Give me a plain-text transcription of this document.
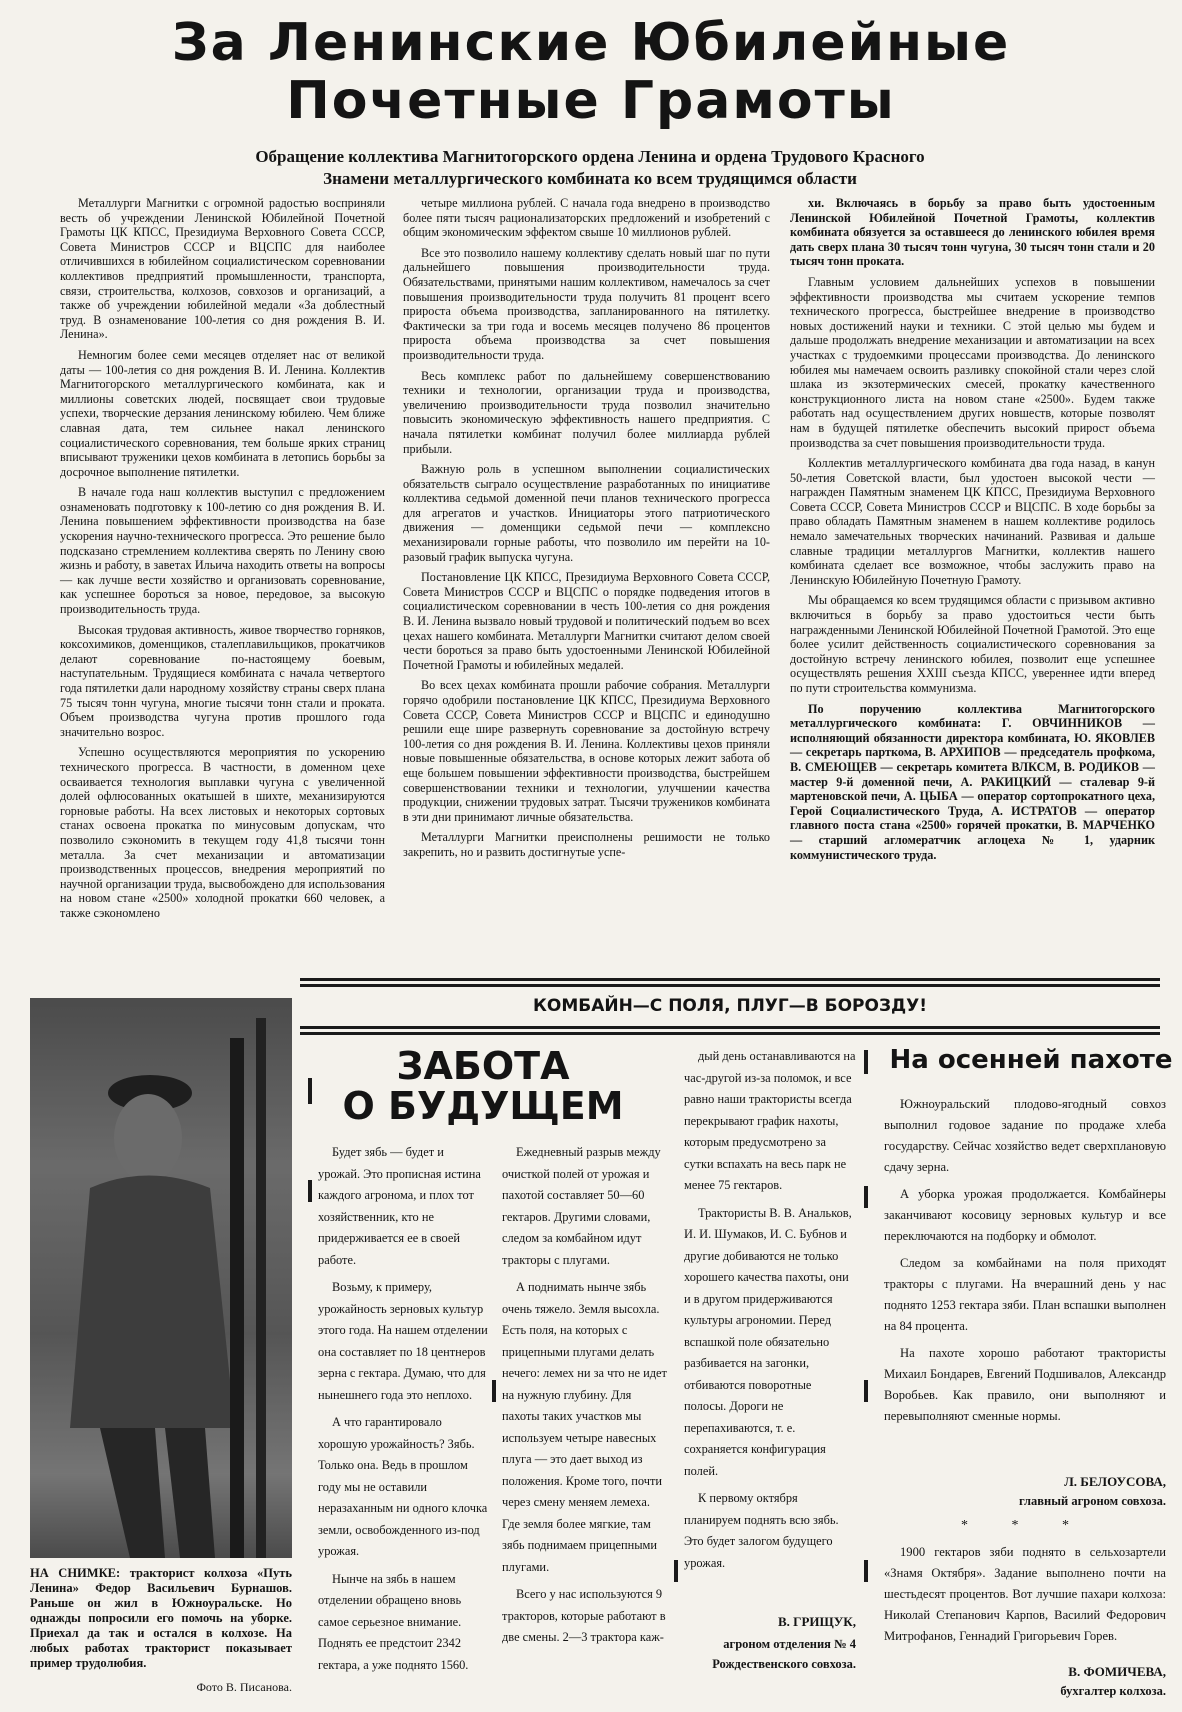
За Ленинские Юбилейные
Почетные Грамоты
Обращение коллектива Магнитогорского ордена Ленина и ордена Трудового Красного
Знамени металлургического комбината ко всем трудящимся области

Металлурги Магнитки с огромной радостью восприняли весть об учреждении Ленинской Юбилейной Почетной Грамоты ЦК КПСС, Президиума Верховного Совета СССР, Совета Министров СССР и ВЦСПС для наиболее отличившихся в юбилейном социалистическом соревновании коллективов предприятий промышленности, транспорта, связи, строительства, колхозов, совхозов и организаций, а также об учреждении юбилейной медали «За доблестный труд. В ознаменование 100-летия со дня рождения В. И. Ленина».

Немногим более семи месяцев отделяет нас от великой даты — 100-летия со дня рождения В. И. Ленина. Коллектив Магнитогорского металлургического комбината, как и миллионы советских людей, посвящает свои трудовые успехи, творческие дерзания ленинскому юбилею. Чем ближе славная дата, тем сильнее накал ленинского социалистического соревнования, тем больше ярких страниц вписывают труженики цехов комбината в летопись борьбы за досрочное выполнение пятилетки.

В начале года наш коллектив выступил с предложением ознаменовать подготовку к 100-летию со дня рождения В. И. Ленина повышением эффективности производства на базе ускорения научно-технического прогресса. Это решение было подсказано стремлением коллектива сверять по Ленину свою жизнь и работу, в заветах Ильича находить ответы на вопросы — как лучше вести хозяйство и организовать соревнование, как успешнее бороться за новое, передовое, за высокую производительность труда.

Высокая трудовая активность, живое творчество горняков, коксохимиков, доменщиков, сталеплавильщиков, прокатчиков делают соревнование по-настоящему боевым, наступательным. Трудящиеся комбината с начала четвертого года пятилетки дали народному хозяйству страны сверх плана 75 тысяч тонн чугуна, многие тысячи тонн стали и проката. Объем производства чугуна против прошлого года значительно возрос.

Успешно осуществляются мероприятия по ускорению технического прогресса. В частности, в доменном цехе осваивается технология выплавки чугуна с увеличенной долей офлюсованных окатышей в шихте, механизируются горновые работы. На всех листовых и некоторых сортовых станах освоена прокатка по минусовым допускам, что позволило сэкономить в текущем году 41,8 тысячи тонн металла. За счет механизации и автоматизации производственных процессов, внедрения мероприятий по научной организации труда, высвобождено для использования на новом стане «2500» холодной прокатки 660 человек, а также сэкономлено

четыре миллиона рублей. С начала года внедрено в производство более пяти тысяч рационализаторских предложений и изобретений с общим экономическим эффектом свыше 10 миллионов рублей.

Все это позволило нашему коллективу сделать новый шаг по пути дальнейшего повышения производительности труда. Обязательствами, принятыми нашим коллективом, намечалось за счет повышения производительности труда получить 81 процент всего прироста объема производства, запланированного на пятилетку. Фактически за три года и восемь месяцев получено 86 процентов прироста объема производства за счет повышения производительности труда.

Весь комплекс работ по дальнейшему совершенствованию техники и технологии, организации труда и производства, увеличению производительности труда позволил значительно повысить экономическую эффективность нашего предприятия. С начала пятилетки комбинат получил более миллиарда рублей прибыли.

Важную роль в успешном выполнении социалистических обязательств сыграло осуществление разработанных по инициативе коллектива седьмой доменной печи планов технического прогресса для агрегатов и участков. Инициаторы этого патриотического движения — доменщики седьмой печи — комплексно механизировали горные работы, что позволило им перейти на 10-разовый график выпуска чугуна.

Постановление ЦК КПСС, Президиума Верховного Совета СССР, Совета Министров СССР и ВЦСПС о порядке подведения итогов в социалистическом соревновании в честь 100-летия со дня рождения В. И. Ленина вызвало новый трудовой и политический подъем во всех цехах нашего комбината. Металлурги Магнитки считают делом своей чести бороться за право быть удостоенными Ленинской Юбилейной Почетной Грамоты и юбилейных медалей.

Во всех цехах комбината прошли рабочие собрания. Металлурги горячо одобрили постановление ЦК КПСС, Президиума Верховного Совета СССР, Совета Министров СССР и ВЦСПС и единодушно решили еще шире развернуть соревнование за достойную встречу 100-летия со дня рождения В. И. Ленина. Коллективы цехов приняли новые повышенные обязательства, в основе которых лежит забота об еще большем повышении эффективности производства, быстрейшем совершенствовании техники и технологии, улучшении качества продукции, снижении трудовых затрат. Тысячи тружеников комбината в эти дни принимают личные обязательства.

Металлурги Магнитки преисполнены решимости не только закрепить, но и развить достигнутые успе-

хи. Включаясь в борьбу за право быть удостоенным Ленинской Юбилейной Почетной Грамоты, коллектив комбината обязуется за оставшееся до ленинского юбилея время дать сверх плана 30 тысяч тонн чугуна, 30 тысяч тонн стали и 20 тысяч тонн проката.

Главным условием дальнейших успехов в повышении эффективности производства мы считаем ускорение темпов технического прогресса, быстрейшее внедрение в производство новых достижений науки и техники. С этой целью мы будем и дальше продолжать внедрение механизации и автоматизации на всех участках с трудоемкими процессами производства. До ленинского юбилея мы намечаем освоить разливку спокойной стали через слой шлака из экзотермических смесей, прокатку качественного конструкционного листа на новом стане «2500». Будем также работать над осуществлением других новшеств, которые позволят нам в будущей пятилетке обеспечить высокий прирост объема производства за счет повышения производительности труда.

Коллектив металлургического комбината два года назад, в канун 50-летия Советской власти, был удостоен высокой чести — награжден Памятным знаменем ЦК КПСС, Президиума Верховного Совета СССР, Совета Министров СССР и ВЦСПС. В ходе борьбы за право обладать Памятным знаменем в нашем коллективе родилось немало замечательных творческих начинаний. Развивая и дальше славные традиции металлургов Магнитки, коллектив нашего комбината сделает все возможное, чтобы заслужить право на Ленинскую Юбилейную Почетную Грамоту.

Мы обращаемся ко всем трудящимся области с призывом активно включиться в борьбу за право удостоиться чести быть награжденными Ленинской Юбилейной Почетной Грамотой. Это еще более усилит действенность социалистического соревнования за достойную встречу ленинского юбилея, позволит еще успешнее осуществлять решения XXIII съезда КПСС, увереннее идти вперед по пути строительства коммунизма.

По поручению коллектива Магнитогорского металлургического комбината: Г. ОВЧИННИКОВ — исполняющий обязанности директора комбината, Ю. ЯКОВЛЕВ — секретарь парткома, В. АРХИПОВ — председатель профкома, В. СМЕЮЩЕВ — секретарь комитета ВЛКСМ, В. РОДИКОВ — мастер 9-й доменной печи, А. РАКИЦКИЙ — сталевар 9-й мартеновской печи, А. ЦЫБА — оператор сортопрокатного цеха, Герой Социалистического Труда, А. ИСТРАТОВ — оператор главного поста стана «2500» горячей прокатки, В. МАРЧЕНКО — старший агломератчик аглоцеха № 1, ударник коммунистического труда.

КОМБАЙН—С ПОЛЯ, ПЛУГ—В БОРОЗДУ!
НА СНИМКЕ: тракторист колхоза «Путь Ленина» Федор Васильевич Бурнашов. Раньше он жил в Южноуральске. Но однажды попросили его помочь на уборке. Приехал да так и остался в колхозе. На любых работах тракторист показывает пример трудолюбия.
Фото В. Писанова.
ЗАБОТА
О БУДУЩЕМ

Будет зябь — будет и урожай. Это прописная истина каждого агронома, и плох тот хозяйственник, кто не придерживается ее в своей работе.

Возьму, к примеру, урожайность зерновых культур этого года. На нашем отделении она составляет по 18 центнеров зерна с гектара. Думаю, что для нынешнего года это неплохо.

А что гарантировало хорошую урожайность? Зябь. Только она. Ведь в прошлом году мы не оставили неразаханным ни одного клочка земли, освобожденного из-под урожая.

Нынче на зябь в нашем отделении обращено вновь самое серьезное внимание. Поднять ее предстоит 2342 гектара, а уже поднято 1560.

Ежедневный разрыв между очисткой полей от урожая и пахотой составляет 50—60 гектаров. Другими словами, следом за комбайном идут тракторы с плугами.

А поднимать нынче зябь очень тяжело. Земля высохла. Есть поля, на которых с прицепными плугами делать нечего: лемех ни за что не идет на нужную глубину. Для пахоты таких участков мы используем четыре навесных плуга — это дает выход из положения. Кроме того, почти через смену меняем лемеха. Где земля более мягкие, там зябь поднимаем прицепными плугами.

Всего у нас используются 9 тракторов, которые работают в две смены. 2—3 трактора каж-

дый день останавливаются на час-другой из-за поломок, и все равно наши трактористы всегда перекрывают график нахоты, которым предусмотрено за сутки вспахать на весь парк не менее 75 гектаров.

Трактористы В. В. Анальков, И. И. Шумаков, И. С. Бубнов и другие добиваются не только хорошего качества пахоты, они и в другом придерживаются культуры агрономии. Перед вспашкой поле обязательно разбивается на загонки, отбиваются поворотные полосы. Дороги не перепахиваются, т. е. сохраняется конфигурация полей.

К первому октября планируем поднять всю зябь. Это будет залогом будущего урожая.

В. ГРИЩУК,
агроном отделения № 4 Рождественского совхоза.
На осенней пахоте

Южноуральский плодово-ягодный совхоз выполнил годовое задание по продаже хлеба государству. Сейчас хозяйство ведет сверхплановую сдачу зерна.

А уборка урожая продолжается. Комбайнеры заканчивают косовицу зерновых культур и все переключаются на подборку и обмолот.

Следом за комбайнами на поля приходят тракторы с плугами. На вчерашний день у нас поднято 1253 гектара зяби. План вспашки выполнен на 84 процента.

На пахоте хорошо работают трактористы Михаил Бондарев, Евгений Подшивалов, Александр Воробьев. Как правило, они выполняют и перевыполняют сменные нормы.

Л. БЕЛОУСОВА,
главный агроном совхоза.
* * *

1900 гектаров зяби поднято в сельхозартели «Знамя Октября». Задание выполнено почти на шестьдесят процентов. Вот лучшие пахари колхоза: Николай Степанович Карпов, Василий Федорович Митрофанов, Геннадий Григорьевич Горев.

В. ФОМИЧЕВА,
бухгалтер колхоза.
